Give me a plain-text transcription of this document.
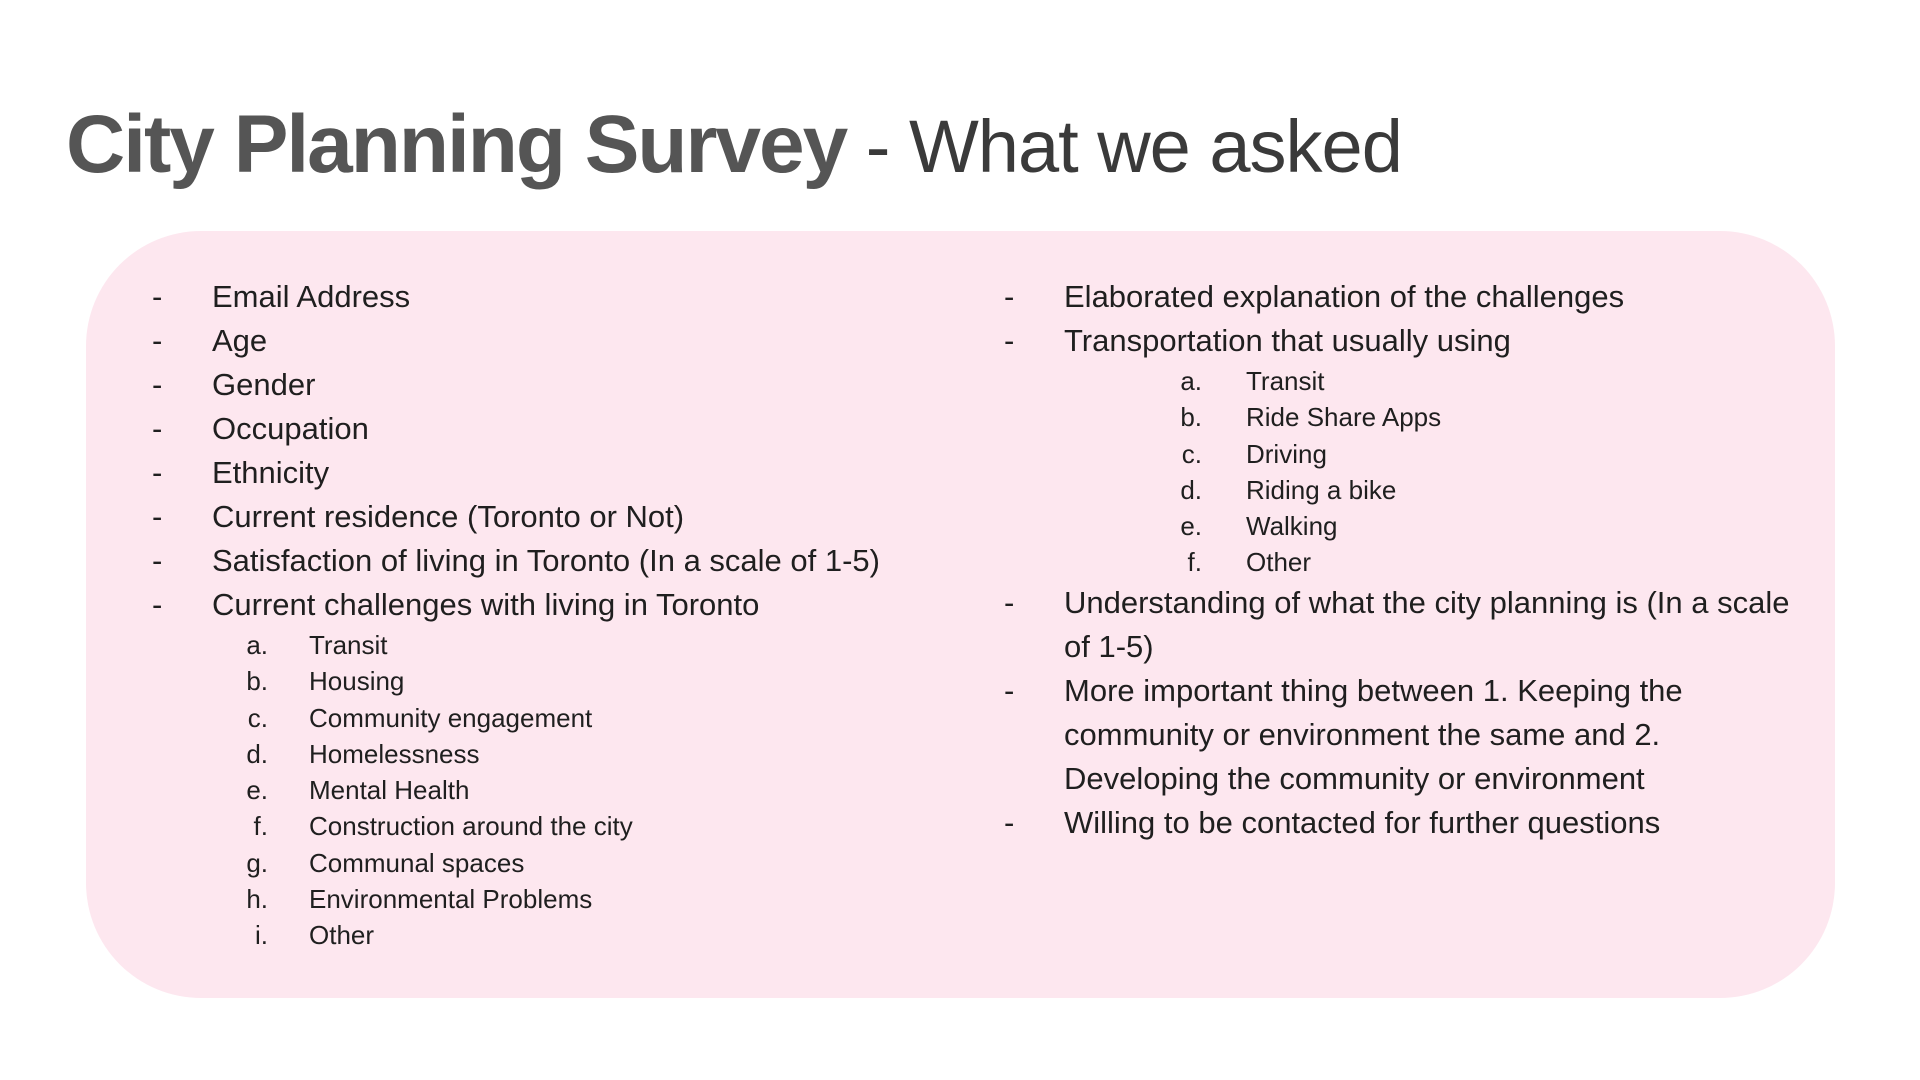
City Planning Survey - What we asked
- Email Address
- Age
- Gender
- Occupation
- Ethnicity
- Current residence (Toronto or Not)
- Satisfaction of living in Toronto (In a scale of 1-5)
- Current challenges with living in Toronto
a. Transit
b. Housing
c. Community engagement
d. Homelessness
e. Mental Health
f. Construction around the city
g. Communal spaces
h. Environmental Problems
i. Other
- Elaborated explanation of the challenges
- Transportation that usually using
a. Transit
b. Ride Share Apps
c. Driving
d. Riding a bike
e. Walking
f. Other
- Understanding of what the city planning is (In a scale of 1-5)
- More important thing between 1. Keeping the community or environment the same and 2. Developing the community or environment
- Willing to be contacted for further questions
